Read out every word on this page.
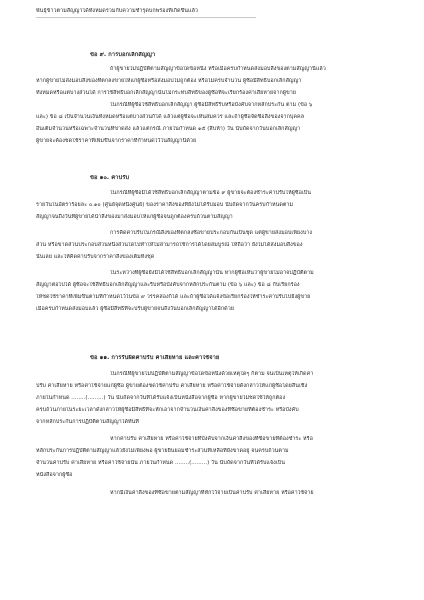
พันธุ์ข้าวตามสัญญาได้ทั้งหมดรวมกับความชำรุดบกพร่องที่เกิดขึ้นแล้ว
ข้อ ๙. การบอกเลิกสัญญา
ถ้าผู้ขายไม่ปฏิบัติตามสัญญาข้อใดข้อหนึ่ง หรือเมื่อครบกำหนดส่งมอบสิ่งของตามสัญญานี้แล้ว
หากผู้ขายไม่ส่งมอบสิ่งของที่ตกลงขายให้แก่ผู้ซื้อหรือส่งมอบไม่ถูกต้อง หรือไม่ครบจำนวน ผู้ซื้อมีสิทธิบอกเลิกสัญญา
ทั้งหมดหรือแต่บางส่วนได้ การใช้สิทธิบอกเลิกสัญญานั้นไม่กระทบสิทธิของผู้ซื้อที่จะเรียกร้องค่าเสียหายจากผู้ขาย
ในกรณีที่ผู้ซื้อใช้สิทธิบอกเลิกสัญญา ผู้ซื้อมีสิทธิริบหรือบังคับจากหลักประกัน ตาม (ข้อ ๖
และ) ข้อ ๘ เป็นจำนวนเงินทั้งหมดหรือแต่บางส่วนก็ได้ แล้วแต่ผู้ซื้อจะเห็นสมควร และถ้าผู้ซื้อจัดซื้อสิ่งของจากบุคคล
อื่นเต็มจำนวนหรือเฉพาะจำนวนที่ขาดส่ง แล้วแต่กรณี ภายในกำหนด ๑๕ (สิบห้า) วัน นับถัดจากวันบอกเลิกสัญญา
ผู้ขายจะต้องชดใช้ราคาที่เพิ่มขึ้นจากราคาที่กำหนดไว้ในสัญญานี้ด้วย
ข้อ ๑๐. ค่าปรับ
ในกรณีที่ผู้ซื้อมิได้ใช้สิทธิบอกเลิกสัญญาตามข้อ ๙ ผู้ขายจะต้องชำระค่าปรับให้ผู้ซื้อเป็น
รายวันในอัตราร้อยละ ๐.๑๐ (ศูนย์จุดหนึ่งศูนย์) ของราคาสิ่งของที่ยังไม่ได้รับมอบ นับถัดจากวันครบกำหนดตาม
สัญญาจนถึงวันที่ผู้ขายได้นำสิ่งของมาส่งมอบให้แก่ผู้ซื้อจนถูกต้องครบถ้วนตามสัญญา
การคิดค่าปรับในกรณีสิ่งของที่ตกลงซื้อขายประกอบกันเป็นชุด แต่ผู้ขายส่งมอบเพียงบาง
ส่วน หรือขาดส่วนประกอบส่วนหนึ่งส่วนใดไปทำให้ไม่สามารถใช้การได้โดยสมบูรณ์ ให้ถือว่า ยังไม่ได้ส่งมอบสิ่งของ
นั้นเลย และให้คิดค่าปรับจากราคาสิ่งของเต็มทั้งชุด
ในระหว่างที่ผู้ซื้อยังมิได้ใช้สิทธิบอกเลิกสัญญานั้น หากผู้ซื้อเห็นว่าผู้ขายไม่อาจปฏิบัติตาม
สัญญาต่อไปได้ ผู้ซื้อจะใช้สิทธิบอกเลิกสัญญาและริบหรือบังคับจากหลักประกันตาม (ข้อ ๖ และ) ข้อ ๘ กับเรียกร้อง
ให้ชดใช้ราคาที่เพิ่มขึ้นตามที่กำหนดไว้ในข้อ ๙ วรรคสองก็ได้ และถ้าผู้ซื้อได้แจ้งข้อเรียกร้องให้ชำระค่าปรับไปยังผู้ขาย
เมื่อครบกำหนดส่งมอบแล้ว ผู้ซื้อมีสิทธิที่จะปรับผู้ขายจนถึงวันบอกเลิกสัญญาได้อีกด้วย
ข้อ ๑๑. การรับผิดค่าปรับ ค่าเสียหาย และค่าใช้จ่าย
ในกรณีที่ผู้ขายไม่ปฏิบัติตามสัญญาข้อใดข้อหนึ่งด้วยเหตุใดๆ ก็ตาม จนเป็นเหตุให้เกิดค่า
ปรับ ค่าเสียหาย หรือค่าใช้จ่ายแก่ผู้ซื้อ ผู้ขายต้องชดใช้ค่าปรับ ค่าเสียหาย หรือค่าใช้จ่ายดังกล่าวให้แก่ผู้ซื้อโดยสิ้นเชิง
ภายในกำหนด ........(.........) วัน นับถัดจากวันที่ได้รับแจ้งเป็นหนังสือจากผู้ซื้อ หากผู้ขายไม่ชดใช้ให้ถูกต้อง
ครบถ้วนภายในระยะเวลาดังกล่าวให้ผู้ซื้อมีสิทธิที่จะหักเอาจากจำนวนเงินค่าสิ่งของที่ซื้อขายที่ต้องชำระ หรือบังคับ
จากหลักประกันการปฏิบัติตามสัญญาได้ทันที
หากค่าปรับ ค่าเสียหาย หรือค่าใช้จ่ายที่บังคับจากเงินค่าสิ่งของที่ซื้อขายที่ต้องชำระ หรือ
หลักประกันการปฏิบัติตามสัญญาแล้วยังไม่เพียงพอ ผู้ขายยินยอมชำระส่วนที่เหลือที่ยังขาดอยู่ จนครบถ้วนตาม
จำนวนค่าปรับ ค่าเสียหาย หรือค่าใช้จ่ายนั้น ภายในกำหนด ........(.........) วัน นับถัดจากวันที่ได้รับแจ้งเป็น
หนังสือจากผู้ซื้อ
หากมีเงินค่าสิ่งของที่ซื้อขายตามสัญญาที่หักไว้จ่ายเป็นค่าปรับ ค่าเสียหาย หรือค่าใช้จ่าย
